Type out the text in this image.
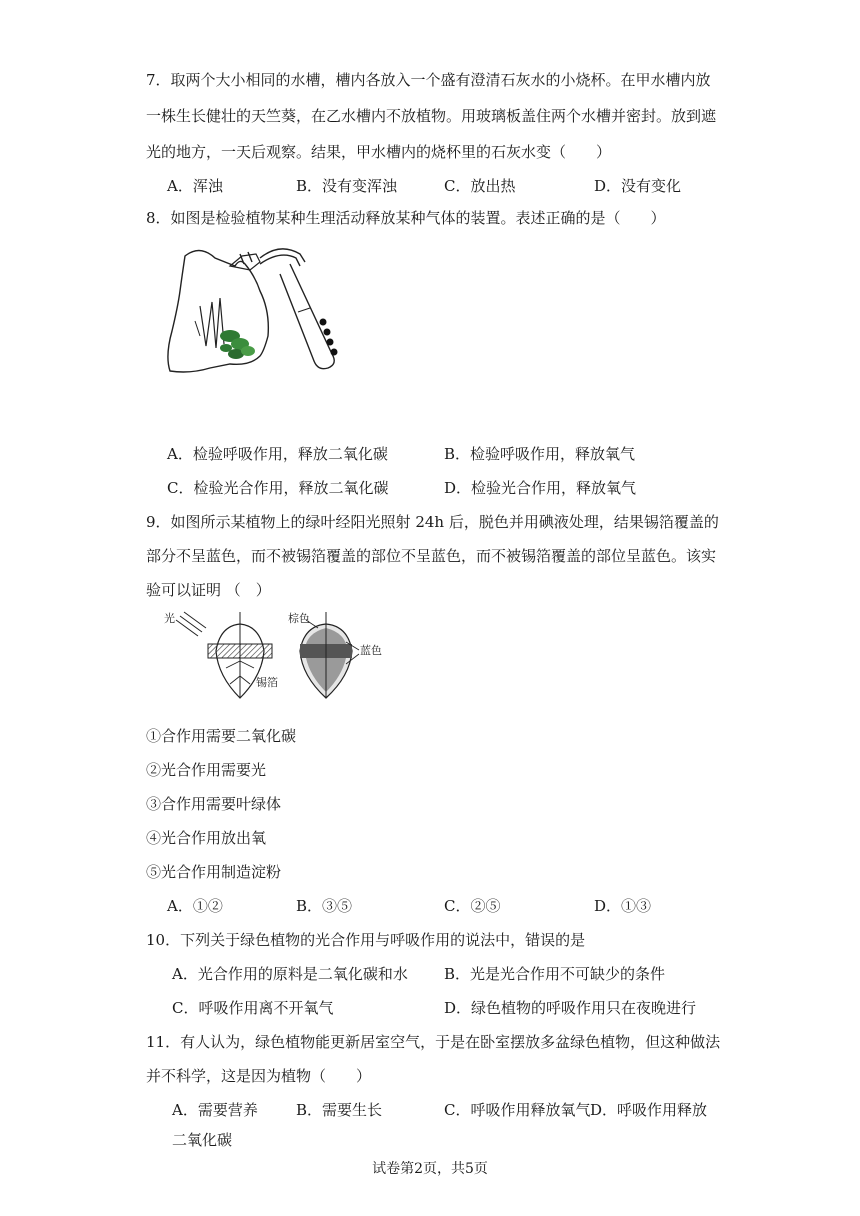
7．取两个大小相同的水槽，槽内各放入一个盛有澄清石灰水的小烧杯。在甲水槽内放
一株生长健壮的天竺葵，在乙水槽内不放植物。用玻璃板盖住两个水槽并密封。放到遮
光的地方，一天后观察。结果，甲水槽内的烧杯里的石灰水变（　　）
A．浑浊	B．没有变浑浊	C．放出热	D．没有变化
8．如图是检验植物某种生理活动释放某种气体的装置。表述正确的是（　　）
A．检验呼吸作用，释放二氧化碳	B．检验呼吸作用，释放氧气
C．检验光合作用，释放二氧化碳	D．检验光合作用，释放氧气
9．如图所示某植物上的绿叶经阳光照射 24h 后，脱色并用碘液处理，结果锡箔覆盖的
部分不呈蓝色，而不被锡箔覆盖的部位不呈蓝色，而不被锡箔覆盖的部位呈蓝色。该实
验可以证明 （　）
光
锡箔
棕色
蓝色
①合作用需要二氧化碳
②光合作用需要光
③合作用需要叶绿体
④光合作用放出氧
⑤光合作用制造淀粉
A．①②	B．③⑤	C．②⑤	D．①③
10．下列关于绿色植物的光合作用与呼吸作用的说法中，错误的是
A．光合作用的原料是二氧化碳和水 B．光是光合作用不可缺少的条件
C．呼吸作用离不开氧气	D．绿色植物的呼吸作用只在夜晚进行
11．有人认为，绿色植物能更新居室空气，于是在卧室摆放多盆绿色植物，但这种做法
并不科学，这是因为植物（　　）
A．需要营养	B．需要生长	C．呼吸作用释放氧气 D．呼吸作用释放
二氧化碳
试卷第2页，共5页
